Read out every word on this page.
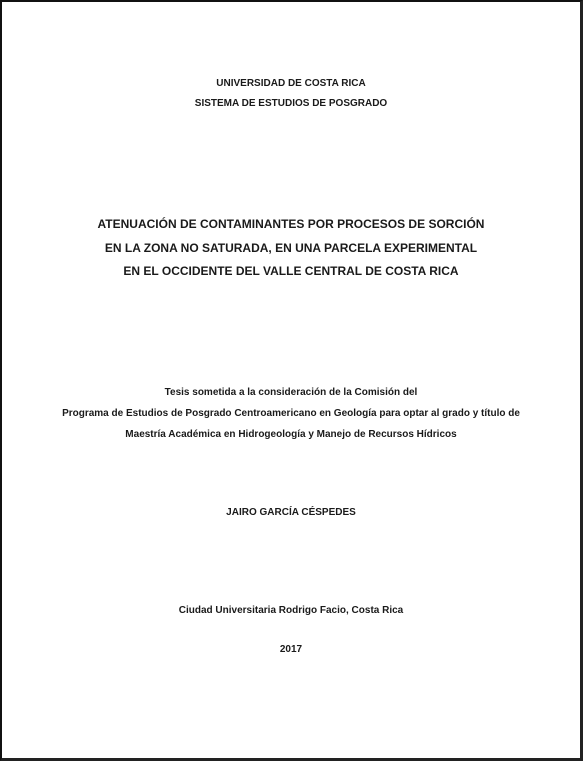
UNIVERSIDAD DE COSTA RICA
SISTEMA DE ESTUDIOS DE POSGRADO
ATENUACIÓN DE CONTAMINANTES POR PROCESOS DE SORCIÓN
EN LA ZONA NO SATURADA, EN UNA PARCELA EXPERIMENTAL
EN EL OCCIDENTE DEL VALLE CENTRAL DE COSTA RICA
Tesis sometida a la consideración de la Comisión del
Programa de Estudios de Posgrado Centroamericano en Geología para optar al grado y título de
Maestría Académica en Hidrogeología y Manejo de Recursos Hídricos
JAIRO GARCÍA CÉSPEDES
Ciudad Universitaria Rodrigo Facio, Costa Rica
2017
